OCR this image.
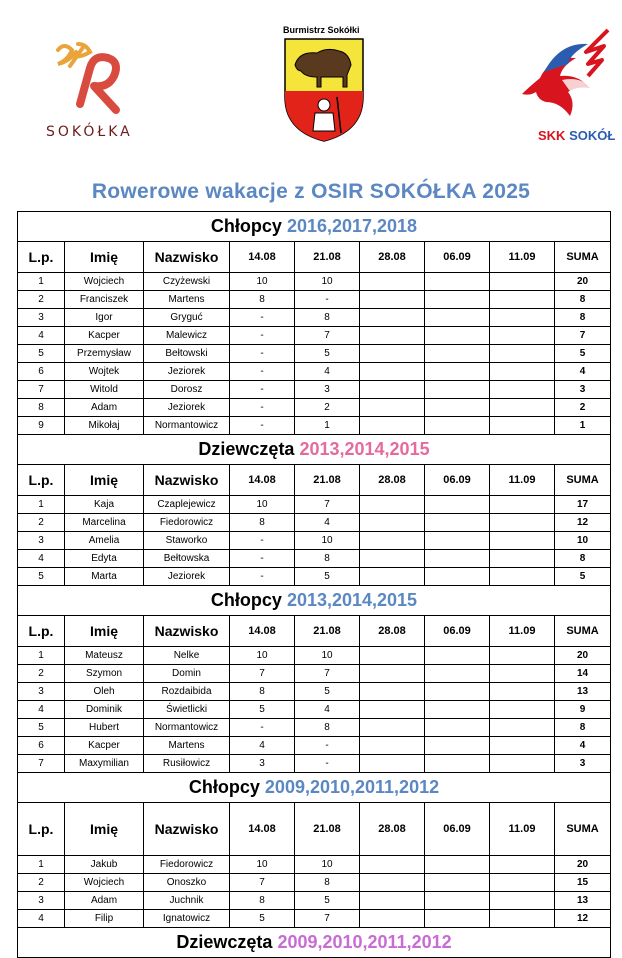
SOKÓŁKA
Burmistrz Sokółki
SKK SOKÓŁ
Rowerowe wakacje z OSIR SOKÓŁKA 2025
Chłopcy 2016,2017,2018								
L.p.	Imię	Nazwisko	14.08	21.08	28.08	06.09	11.09	SUMA
1	Wojciech	Czyżewski	10	10				20
2	Franciszek	Martens	8	-				8
3	Igor	Gryguć	-	8				8
4	Kacper	Malewicz	-	7				7
5	Przemysław	Bełtowski	-	5				5
6	Wojtek	Jeziorek	-	4				4
7	Witold	Dorosz	-	3				3
8	Adam	Jeziorek	-	2				2
9	Mikołaj	Normantowicz	-	1				1
Dziewczęta 2013,2014,2015								
L.p.	Imię	Nazwisko	14.08	21.08	28.08	06.09	11.09	SUMA
1	Kaja	Czaplejewicz	10	7				17
2	Marcelina	Fiedorowicz	8	4				12
3	Amelia	Staworko	-	10				10
4	Edyta	Bełtowska	-	8				8
5	Marta	Jeziorek	-	5				5
Chłopcy 2013,2014,2015								
L.p.	Imię	Nazwisko	14.08	21.08	28.08	06.09	11.09	SUMA
1	Mateusz	Nelke	10	10				20
2	Szymon	Domin	7	7				14
3	Oleh	Rozdaibida	8	5				13
4	Dominik	Świetlicki	5	4				9
5	Hubert	Normantowicz	-	8				8
6	Kacper	Martens	4	-				4
7	Maxymilian	Rusiłowicz	3	-				3
Chłopcy 2009,2010,2011,2012								
L.p.	Imię	Nazwisko	14.08	21.08	28.08	06.09	11.09	SUMA
1	Jakub	Fiedorowicz	10	10				20
2	Wojciech	Onoszko	7	8				15
3	Adam	Juchnik	8	5				13
4	Filip	Ignatowicz	5	7				12
Dziewczęta 2009,2010,2011,2012								
